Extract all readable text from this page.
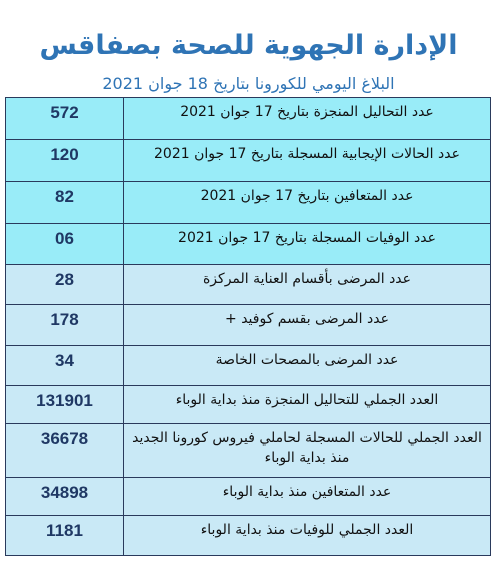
الإدارة الجهوية للصحة بصفاقس
البلاغ اليومي للكورونا بتاريخ 18 جوان 2021
572	عدد التحاليل المنجزة بتاريخ 17 جوان 2021
120	عدد الحالات الإيجابية المسجلة بتاريخ 17 جوان 2021
82	عدد المتعافين بتاريخ 17 جوان 2021
06	عدد الوفيات المسجلة بتاريخ 17 جوان 2021
28	عدد المرضى بأقسام العناية المركزة
178	عدد المرضى بقسم كوفيد +
34	عدد المرضى بالمصحات الخاصة
131901	العدد الجملي للتحاليل المنجزة منذ بداية الوباء
36678	العدد الجملي للحالات المسجلة لحاملي فيروس كورونا الجديد منذ بداية الوباء
34898	عدد المتعافين منذ بداية الوباء
1181	العدد الجملي للوفيات منذ بداية الوباء
